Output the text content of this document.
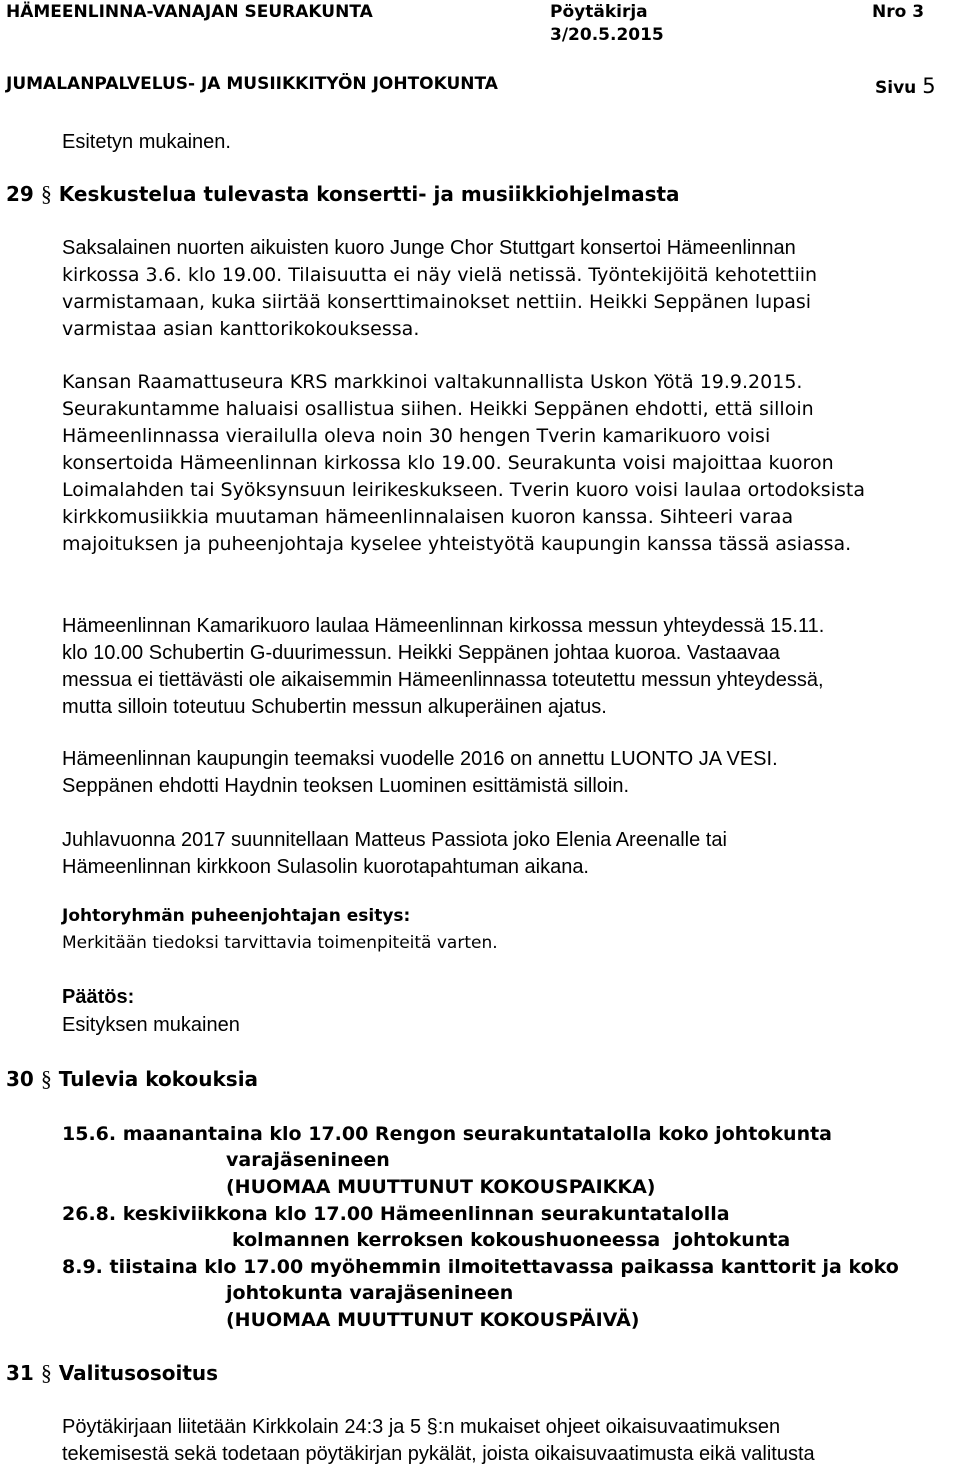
HÄMEENLINNA-VANAJAN SEURAKUNTA	Pöytäkirja	Nro 3
3/20.5.2015
JUMALANPALVELUS- JA MUSIIKKITYÖN JOHTOKUNTA	Sivu 5
Esitetyn mukainen.
29 § Keskustelua tulevasta konsertti- ja musiikkiohjelmasta
Saksalainen nuorten aikuisten kuoro Junge Chor Stuttgart konsertoi Hämeenlinnan
kirkossa 3.6. klo 19.00. Tilaisuutta ei näy vielä netissä. Työntekijöitä kehotettiin
varmistamaan, kuka siirtää konserttimainokset nettiin. Heikki Seppänen lupasi
varmistaa asian kanttorikokouksessa.
Kansan Raamattuseura KRS markkinoi valtakunnallista Uskon Yötä 19.9.2015.
Seurakuntamme haluaisi osallistua siihen. Heikki Seppänen ehdotti, että silloin
Hämeenlinnassa vierailulla oleva noin 30 hengen Tverin kamarikuoro voisi
konsertoida Hämeenlinnan kirkossa klo 19.00. Seurakunta voisi majoittaa kuoron
Loimalahden tai Syöksynsuun leirikeskukseen. Tverin kuoro voisi laulaa ortodoksista
kirkkomusiikkia muutaman hämeenlinnalaisen kuoron kanssa. Sihteeri varaa
majoituksen ja puheenjohtaja kyselee yhteistyötä kaupungin kanssa tässä asiassa.
Hämeenlinnan Kamarikuoro laulaa Hämeenlinnan kirkossa messun yhteydessä 15.11.
klo 10.00 Schubertin G-duurimessun. Heikki Seppänen johtaa kuoroa. Vastaavaa
messua ei tiettävästi ole aikaisemmin Hämeenlinnassa toteutettu messun yhteydessä,
mutta silloin toteutuu Schubertin messun alkuperäinen ajatus.
Hämeenlinnan kaupungin teemaksi vuodelle 2016 on annettu LUONTO JA VESI.
Seppänen ehdotti Haydnin teoksen Luominen esittämistä silloin.
Juhlavuonna 2017 suunnitellaan Matteus Passiota joko Elenia Areenalle tai
Hämeenlinnan kirkkoon Sulasolin kuorotapahtuman aikana.
Johtoryhmän puheenjohtajan esitys:
Merkitään tiedoksi tarvittavia toimenpiteitä varten.
Päätös:
Esityksen mukainen
30 § Tulevia kokouksia
15.6. maanantaina klo 17.00 Rengon seurakuntatalolla koko johtokunta
varajäsenineen
(HUOMAA MUUTTUNUT KOKOUSPAIKKA)
26.8. keskiviikkona klo 17.00 Hämeenlinnan seurakuntatalolla
kolmannen kerroksen kokoushuoneessa  johtokunta
8.9. tiistaina klo 17.00 myöhemmin ilmoitettavassa paikassa kanttorit ja koko
johtokunta varajäsenineen
(HUOMAA MUUTTUNUT KOKOUSPÄIVÄ)
31 § Valitusosoitus
Pöytäkirjaan liitetään Kirkkolain 24:3 ja 5 §:n mukaiset ohjeet oikaisuvaatimuksen
tekemisestä sekä todetaan pöytäkirjan pykälät, joista oikaisuvaatimusta eikä valitusta
